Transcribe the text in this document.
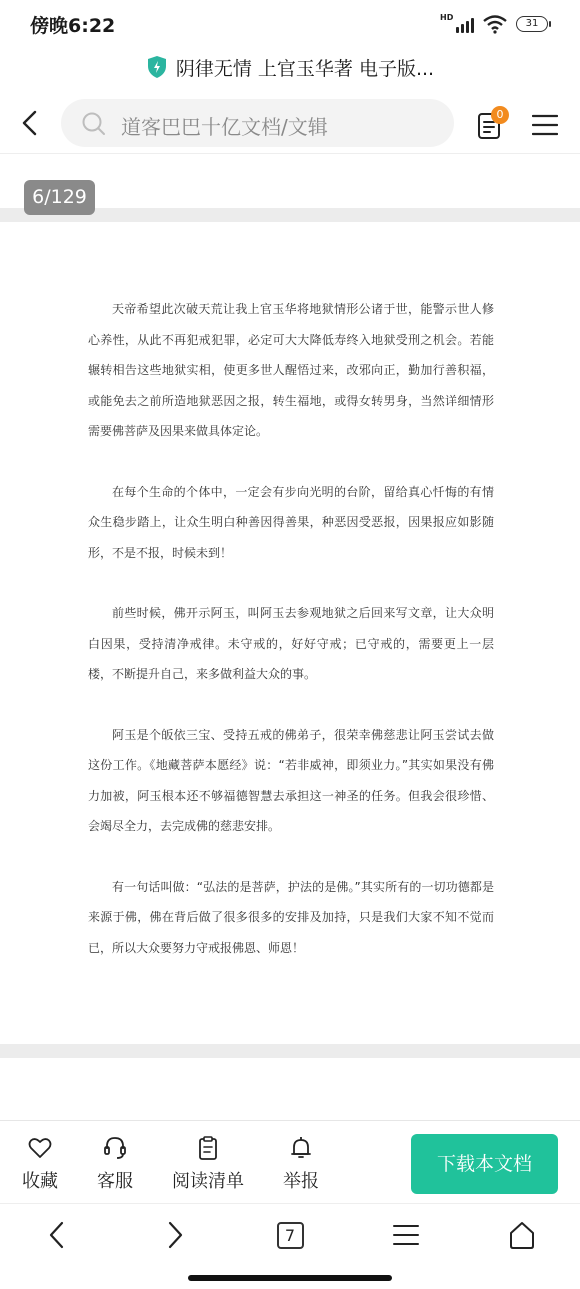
傍晚6:22	HD
31
阴律无情 上官玉华著 电子版...
道客巴巴十亿文档/文辑
0
6/129

天帝希望此次破天荒让我上官玉华将地狱情形公诸于世，能警示世人修心养性，从此不再犯戒犯罪，必定可大大降低寿终入地狱受刑之机会。若能辗转相告这些地狱实相，使更多世人醒悟过来，改邪向正，勤加行善积福，或能免去之前所造地狱恶因之报，转生福地，或得女转男身，当然详细情形需要佛菩萨及因果来做具体定论。

在每个生命的个体中，一定会有步向光明的台阶，留给真心忏悔的有情众生稳步踏上，让众生明白种善因得善果，种恶因受恶报，因果报应如影随形，不是不报，时候未到！

前些时候，佛开示阿玉，叫阿玉去参观地狱之后回来写文章，让大众明白因果，受持清净戒律。未守戒的，好好守戒；已守戒的，需要更上一层楼，不断提升自己，来多做利益大众的事。

阿玉是个皈依三宝、受持五戒的佛弟子，很荣幸佛慈悲让阿玉尝试去做这份工作。《地藏菩萨本愿经》说：“若非威神，即须业力。”其实如果没有佛力加被，阿玉根本还不够福德智慧去承担这一神圣的任务。但我会很珍惜、会竭尽全力，去完成佛的慈悲安排。

有一句话叫做：“弘法的是菩萨，护法的是佛。”其实所有的一切功德都是来源于佛，佛在背后做了很多很多的安排及加持，只是我们大家不知不觉而已，所以大众要努力守戒报佛恩、师恩！

收藏 客服 阅读清单 举报
下载本文档
7
